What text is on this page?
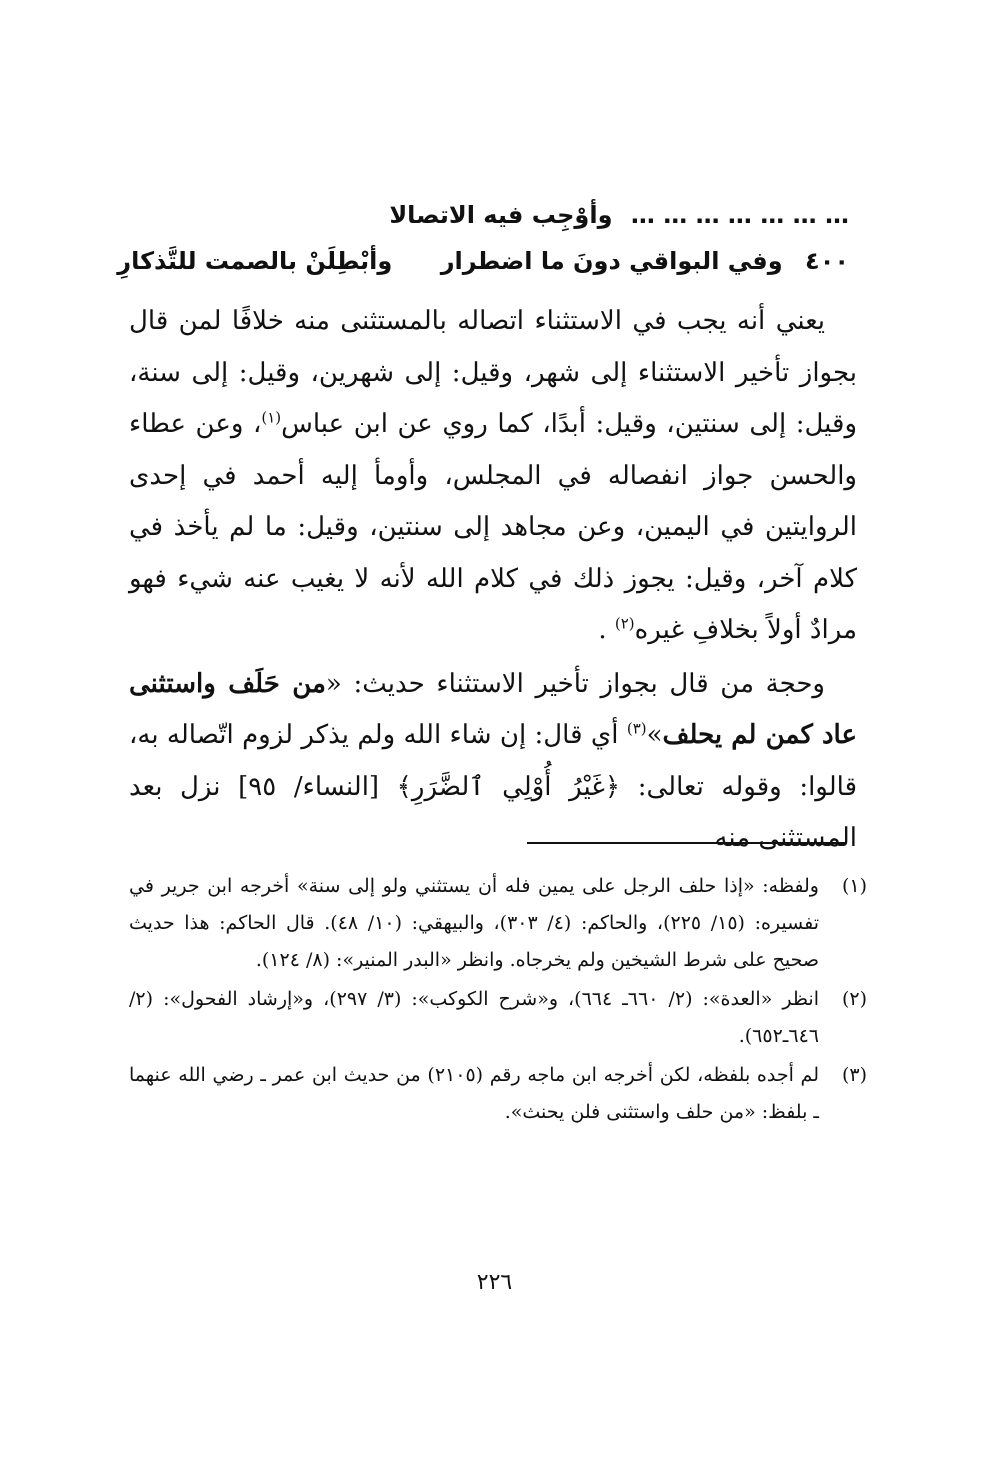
… … … … … … … وأوْجِب فيه الاتصالا
٤٠٠ وفي البواقي دونَ ما اضطرار وأبْطِلَنْ بالصمت للتَّذكارِ

يعني أنه يجب في الاستثناء اتصاله بالمستثنى منه خلافًا لمن قال بجواز تأخير الاستثناء إلى شهر، وقيل: إلى شهرين، وقيل: إلى سنة، وقيل: إلى سنتين، وقيل: أبدًا، كما روي عن ابن عباس$^{(١)}$، وعن عطاء والحسن جواز انفصاله في المجلس، وأومأ إليه أحمد في إحدى الروايتين في اليمين، وعن مجاهد إلى سنتين، وقيل: ما لم يأخذ في كلام آخر، وقيل: يجوز ذلك في كلام الله لأنه لا يغيب عنه شيء فهو مرادٌ أولاً بخلافِ غيره$^{(٢)}$ .

وحجة من قال بجواز تأخير الاستثناء حديث: «من حَلَف واستثنى عاد كمن لم يحلف»$^{(٣)}$ أي قال: إن شاء الله ولم يذكر لزوم اتّصاله به، قالوا: وقوله تعالى: ﴿غَيْرُ أُوْلِي ٱلضَّرَرِ﴾ [النساء/ ٩٥] نزل بعد المستثنى منه

(١)
ولفظه: «إذا حلف الرجل على يمين فله أن يستثني ولو إلى سنة» أخرجه ابن جرير في تفسيره: (١٥/ ٢٢٥)، والحاكم: (٤/ ٣٠٣)، والبيهقي: (١٠/ ٤٨). قال الحاكم: هذا حديث صحيح على شرط الشيخين ولم يخرجاه. وانظر «البدر المنير»: (٨/ ١٢٤).
(٢)
انظر «العدة»: (٢/ ٦٦٠ـ ٦٦٤)، و«شرح الكوكب»: (٣/ ٢٩٧)، و«إرشاد الفحول»: (٢/ ٦٤٦ـ٦٥٢).
(٣)
لم أجده بلفظه، لكن أخرجه ابن ماجه رقم (٢١٠٥) من حديث ابن عمر ـ رضي الله عنهما ـ بلفظ: «من حلف واستثنى فلن يحنث».
٢٢٦
